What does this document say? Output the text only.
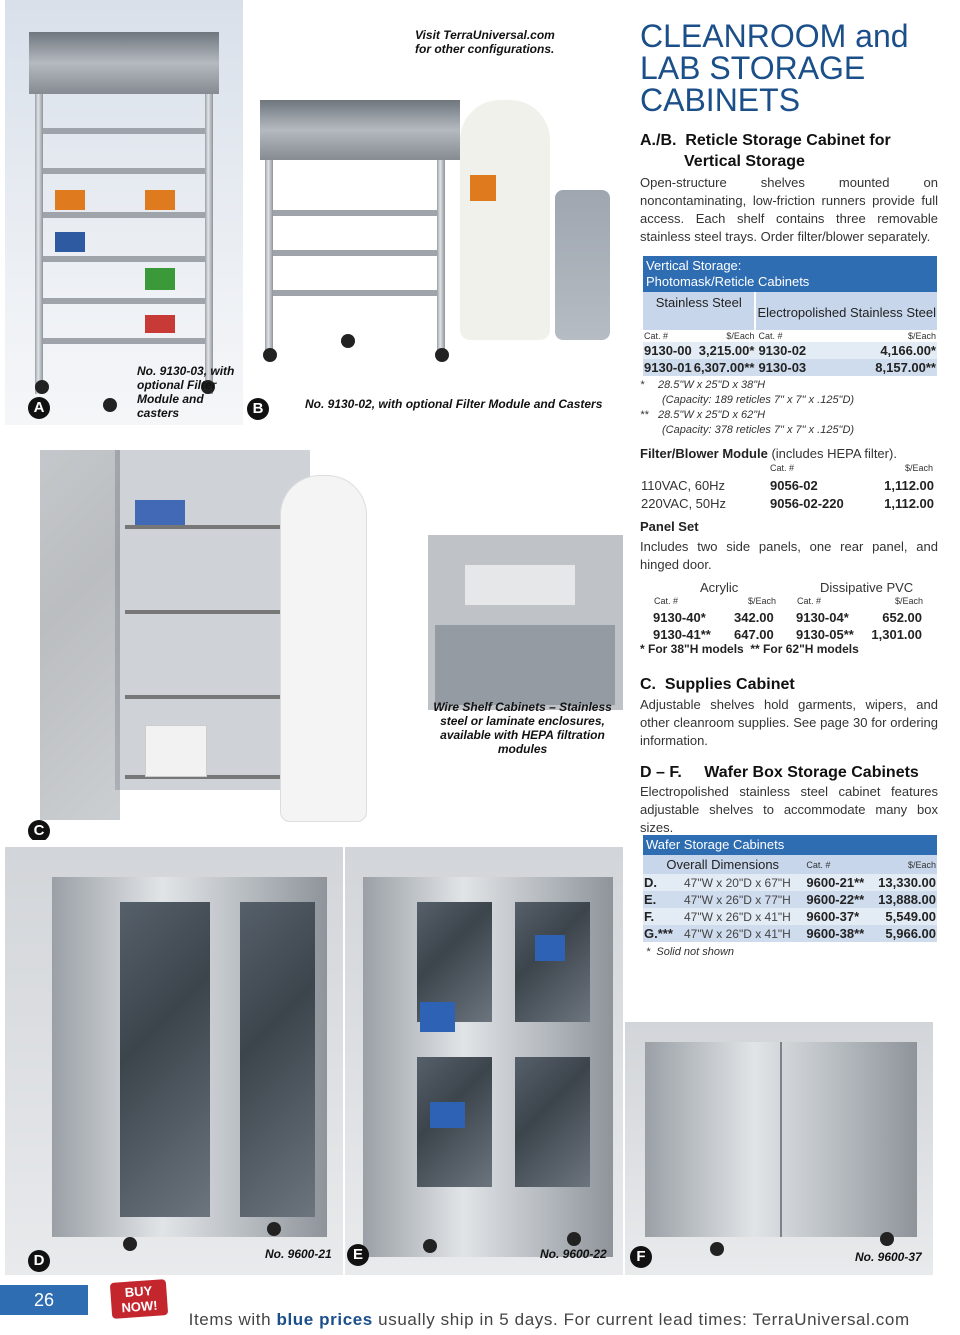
No. 9130-03, with optional Filter Module and casters
A
Visit TerraUniversal.com for other configurations.
No. 9130-02, with optional Filter Module and Casters
B
Wire Shelf Cabinets – Stainless steel or laminate enclosures, available with HEPA filtration modules
C
No. 9600-21
D	No. 9600-22
E	No. 9600-37
F
CLEANROOM and
LAB STORAGE
CABINETS
A./B. Reticle Storage Cabinet for
Vertical Storage
Open-structure shelves mounted on noncontaminating, low-friction runners provide full access. Each shelf contains three removable stainless steel trays. Order filter/blower separately.
Vertical Storage:
Photomask/Reticle Cabinets			

Stainless Steel		Electropolished Stainless Steel	
Cat. #	$/Each	Cat. #	$/Each
9130-00	3,215.00*	9130-02	4,166.00*
9130-01	6,307.00**	9130-03	8,157.00**
* 28.5"W x 25"D x 38"H
(Capacity: 189 reticles 7" x 7" x .125"D)
** 28.5"W x 25"D x 62"H
(Capacity: 378 reticles 7" x 7" x .125"D)
Filter/Blower Module (includes HEPA filter).
Cat. #	$/Each
110VAC, 60Hz	9056-02	1,112.00
220VAC, 50Hz	9056-02-220	1,112.00
Panel Set
Includes two side panels, one rear panel, and hinged door.
Acrylic	Dissipative PVC
Cat. #	$/Each Cat. #	$/Each
9130-40* 342.00 9130-04*	652.00
9130-41** 647.00 9130-05** 1,301.00
* For 38"H models  ** For 62"H models
C. Supplies Cabinet
Adjustable shelves hold garments, wipers, and other cleanroom supplies. See page 30 for ordering information.
D – F. Wafer Box Storage Cabinets
Electropolished stainless steel cabinet features adjustable shelves to accommodate many box sizes.
Wafer Storage Cabinets			
Overall Dimensions		Cat. #	$/Each
D.	47"W x 20"D x 67"H	9600-21**	13,330.00
E.	47"W x 26"D x 77"H	9600-22**	13,888.00
F.	47"W x 26"D x 41"H	9600-37*	5,549.00
G.***	47"W x 26"D x 41"H	9600-38**	5,966.00
*  Solid not shown
26	BUY
NOW!

Items with blue prices usually ship in 5 days. For current lead times: TerraUniversal.com
